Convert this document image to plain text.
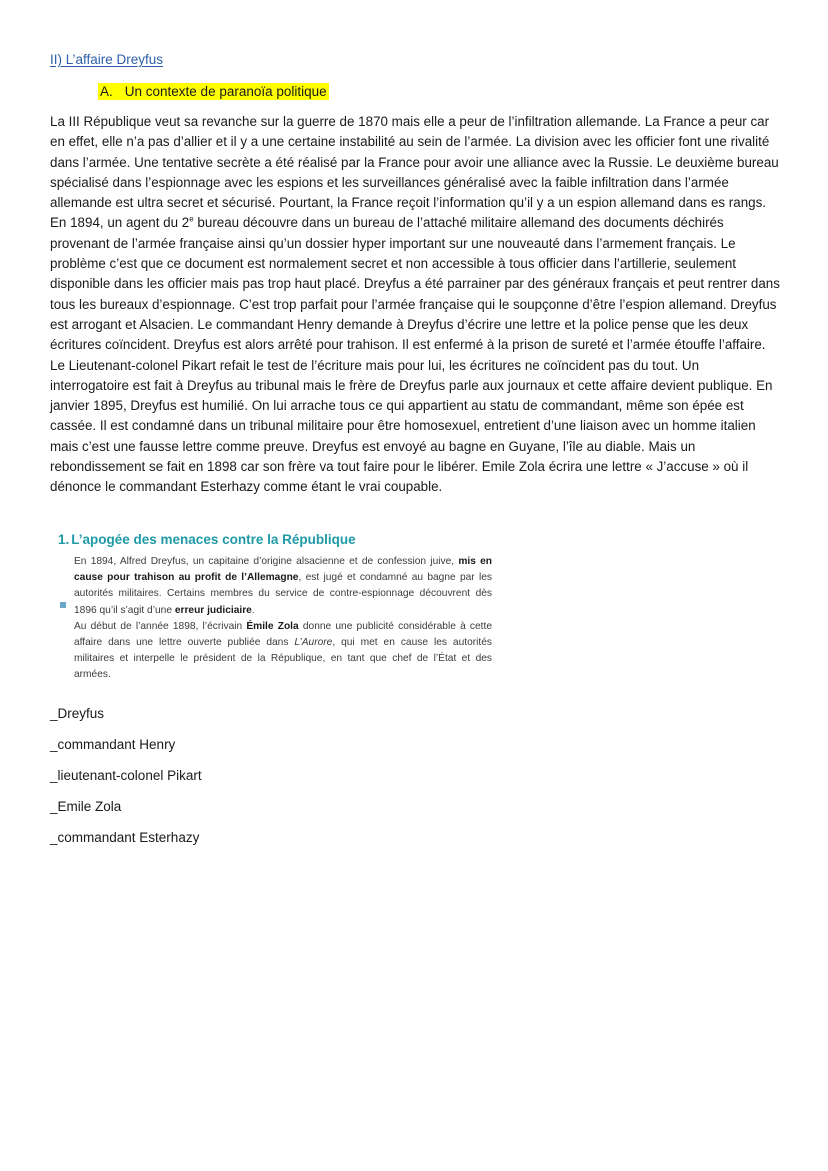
II) L’affaire Dreyfus
A. Un contexte de paranoïa politique

La III République veut sa revanche sur la guerre de 1870 mais elle a peur de l’infiltration allemande. La France a peur car en effet, elle n’a pas d’allier et il y a une certaine instabilité au sein de l’armée. La division avec les officier font une rivalité dans l’armée. Une tentative secrète a été réalisé par la France pour avoir une alliance avec la Russie. Le deuxième bureau spécialisé dans l’espionnage avec les espions et les surveillances généralisé avec la faible infiltration dans l’armée allemande est ultra secret et sécurisé. Pourtant, la France reçoit l’information qu’il y a un espion allemand dans es rangs. En 1894, un agent du 2e bureau découvre dans un bureau de l’attaché militaire allemand des documents déchirés provenant de l’armée française ainsi qu’un dossier hyper important sur une nouveauté dans l’armement français. Le problème c’est que ce document est normalement secret et non accessible à tous officier dans l’artillerie, seulement disponible dans les officier mais pas trop haut placé. Dreyfus a été parrainer par des généraux français et peut rentrer dans tous les bureaux d’espionnage. C’est trop parfait pour l’armée française qui le soupçonne d’être l’espion allemand. Dreyfus est arrogant et Alsacien. Le commandant Henry demande à Dreyfus d’écrire une lettre et la police pense que les deux écritures coïncident. Dreyfus est alors arrêté pour trahison. Il est enfermé à la prison de sureté et l’armée étouffe l’affaire. Le Lieutenant-colonel Pikart refait le test de l’écriture mais pour lui, les écritures ne coïncident pas du tout. Un interrogatoire est fait à Dreyfus au tribunal mais le frère de Dreyfus parle aux journaux et cette affaire devient publique. En janvier 1895, Dreyfus est humilié. On lui arrache tous ce qui appartient au statu de commandant, même son épée est cassée. Il est condamné dans un tribunal militaire pour être homosexuel, entretient d’une liaison avec un homme italien mais c’est une fausse lettre comme preuve. Dreyfus est envoyé au bagne en Guyane, l’île au diable. Mais un rebondissement se fait en 1898 car son frère va tout faire pour le libérer. Emile Zola écrira une lettre « J’accuse » où il dénonce le commandant Esterhazy comme étant le vrai coupable.

1. L’apogée des menaces contre la République

En 1894, Alfred Dreyfus, un capitaine d’origine alsacienne et de confession juive, mis en cause pour trahison au profit de l’Allemagne, est jugé et condamné au bagne par les autorités militaires. Certains membres du service de contre-espionnage découvrent dès 1896 qu’il s’agit d’une erreur judiciaire.

Au début de l’année 1898, l’écrivain Émile Zola donne une publicité considérable à cette affaire dans une lettre ouverte publiée dans L’Aurore, qui met en cause les autorités militaires et interpelle le président de la République, en tant que chef de l’État et des armées.

_Dreyfus
_commandant Henry
_lieutenant-colonel Pikart
_Emile Zola
_commandant Esterhazy
